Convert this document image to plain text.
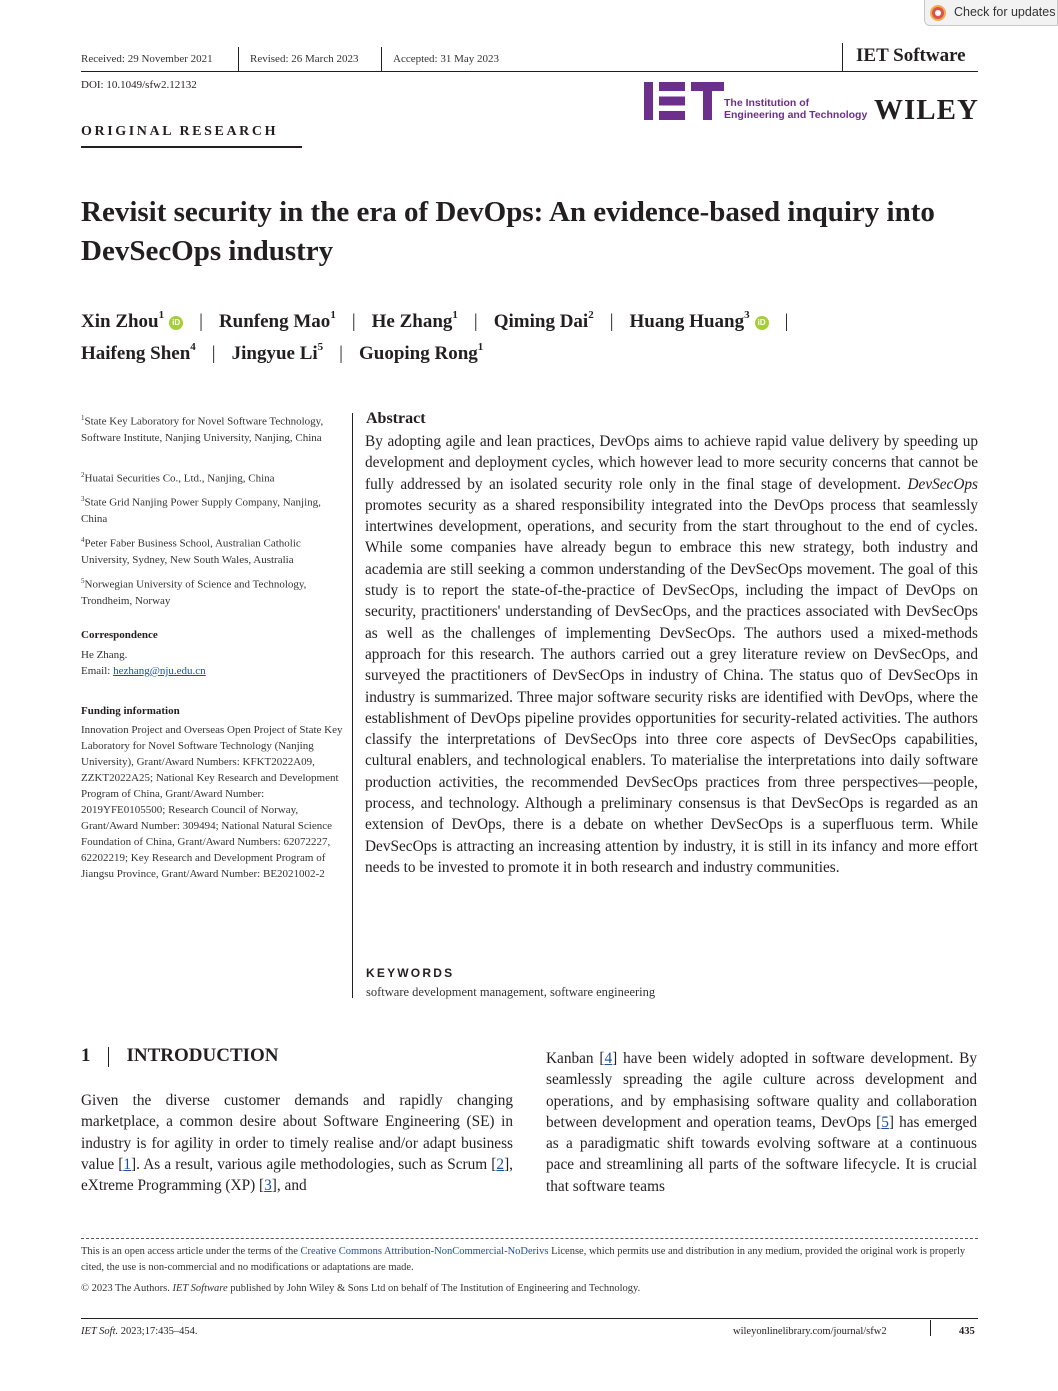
Check for updates
Received: 29 November 2021	Revised: 26 March 2023	Accepted: 31 May 2023	IET Software
DOI: 10.1049/sfw2.12132
The Institution of
Engineering and Technology WILEY
ORIGINAL RESEARCH
Revisit security in the era of DevOps: An evidence-based inquiry into DevSecOps industry
Xin Zhou$^1$iD | Runfeng Mao$^1$ | He Zhang$^1$ | Qiming Dai$^2$ | Huang Huang$^3$iD |
Haifeng Shen$^4$ | Jingyue Li$^5$ | Guoping Rong$^1$
$^1$State Key Laboratory for Novel Software Technology, Software Institute, Nanjing University, Nanjing, China
$^2$Huatai Securities Co., Ltd., Nanjing, China
$^3$State Grid Nanjing Power Supply Company, Nanjing, China
$^4$Peter Faber Business School, Australian Catholic University, Sydney, New South Wales, Australia
$^5$Norwegian University of Science and Technology, Trondheim, Norway
Correspondence
He Zhang.
Email: hezhang@nju.edu.cn
Funding information
Innovation Project and Overseas Open Project of State Key Laboratory for Novel Software Technology (Nanjing University), Grant/Award Numbers: KFKT2022A09, ZZKT2022A25; National Key Research and Development Program of China, Grant/Award Number: 2019YFE0105500; Research Council of Norway, Grant/Award Number: 309494; National Natural Science Foundation of China, Grant/Award Numbers: 62072227, 62202219; Key Research and Development Program of Jiangsu Province, Grant/Award Number: BE2021002-2
Abstract
By adopting agile and lean practices, DevOps aims to achieve rapid value delivery by speeding up development and deployment cycles, which however lead to more security concerns that cannot be fully addressed by an isolated security role only in the final stage of development. DevSecOps promotes security as a shared responsibility integrated into the DevOps process that seamlessly intertwines development, operations, and security from the start throughout to the end of cycles. While some companies have already begun to embrace this new strategy, both industry and academia are still seeking a common understanding of the DevSecOps movement. The goal of this study is to report the state-of-the-practice of DevSecOps, including the impact of DevOps on security, practitioners' understanding of DevSecOps, and the practices associated with DevSecOps as well as the challenges of implementing DevSecOps. The authors used a mixed-methods approach for this research. The authors carried out a grey literature review on DevSecOps, and surveyed the practitioners of DevSecOps in industry of China. The status quo of DevSecOps in industry is summarized. Three major software security risks are identified with DevOps, where the establishment of DevOps pipeline provides opportunities for security-related activities. The authors classify the interpretations of DevSecOps into three core aspects of DevSecOps capabilities, cultural enablers, and technological enablers. To materialise the interpretations into daily software production activities, the recommended DevSecOps practices from three perspectives—people, process, and technology. Although a preliminary consensus is that DevSecOps is regarded as an extension of DevOps, there is a debate on whether DevSecOps is a superfluous term. While DevSecOps is attracting an increasing attention by industry, it is still in its infancy and more effort needs to be invested to promote it in both research and industry communities.
KEYWORDS
software development management, software engineering
1 INTRODUCTION
Given the diverse customer demands and rapidly changing marketplace, a common desire about Software Engineering (SE) in industry is for agility in order to timely realise and/or adapt business value [1]. As a result, various agile methodologies, such as Scrum [2], eXtreme Programming (XP) [3], and
Kanban [4] have been widely adopted in software development. By seamlessly spreading the agile culture across development and operations, and by emphasising software quality and collaboration between development and operation teams, DevOps [5] has emerged as a paradigmatic shift towards evolving software at a continuous pace and streamlining all parts of the software lifecycle. It is crucial that software teams
This is an open access article under the terms of the Creative Commons Attribution-NonCommercial-NoDerivs License, which permits use and distribution in any medium, provided the original work is properly cited, the use is non-commercial and no modifications or adaptations are made.
© 2023 The Authors. IET Software published by John Wiley & Sons Ltd on behalf of The Institution of Engineering and Technology.
IET Soft. 2023;17:435–454.	wileyonlinelibrary.com/journal/sfw2	435
